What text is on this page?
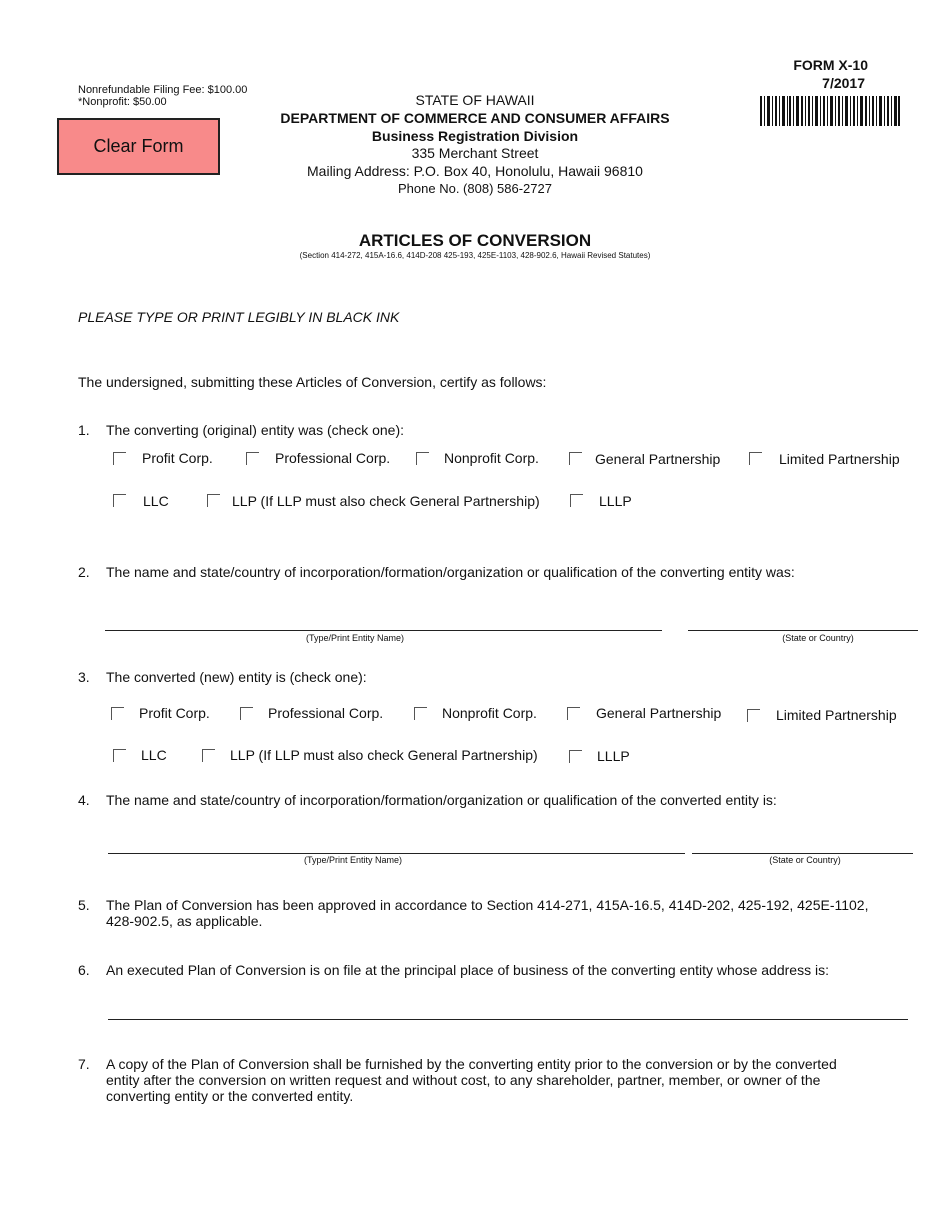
Nonrefundable Filing Fee: $100.00
*Nonprofit: $50.00
Clear Form
STATE OF HAWAII
DEPARTMENT OF COMMERCE AND CONSUMER AFFAIRS
Business Registration Division
335 Merchant Street
Mailing Address: P.O. Box 40, Honolulu, Hawaii 96810
Phone No. (808) 586-2727
FORM X-10
7/2017
ARTICLES OF CONVERSION
(Section 414-272, 415A-16.6, 414D-208 425-193, 425E-1103, 428-902.6, Hawaii Revised Statutes)
PLEASE TYPE OR PRINT LEGIBLY IN BLACK INK
The undersigned, submitting these Articles of Conversion, certify as follows:
1. The converting (original) entity was (check one):
Profit Corp.	Professional Corp.	Nonprofit Corp.	General Partnership	Limited Partnership
LLC	LLP (If LLP must also check General Partnership)	LLLP
2. The name and state/country of incorporation/formation/organization or qualification of the converting entity was:
(Type/Print Entity Name)	(State or Country)
3. The converted (new) entity is (check one):
Profit Corp.	Professional Corp.	Nonprofit Corp.	General Partnership	Limited Partnership
LLC	LLP (If LLP must also check General Partnership)	LLLP
4. The name and state/country of incorporation/formation/organization or qualification of the converted entity is:
(Type/Print Entity Name)	(State or Country)
5. The Plan of Conversion has been approved in accordance to Section 414-271, 415A-16.5, 414D-202, 425-192, 425E-1102, 428-902.5, as applicable.
6. An executed Plan of Conversion is on file at the principal place of business of the converting entity whose address is:
7. A copy of the Plan of Conversion shall be furnished by the converting entity prior to the conversion or by the converted entity after the conversion on written request and without cost, to any shareholder, partner, member, or owner of the converting entity or the converted entity.
